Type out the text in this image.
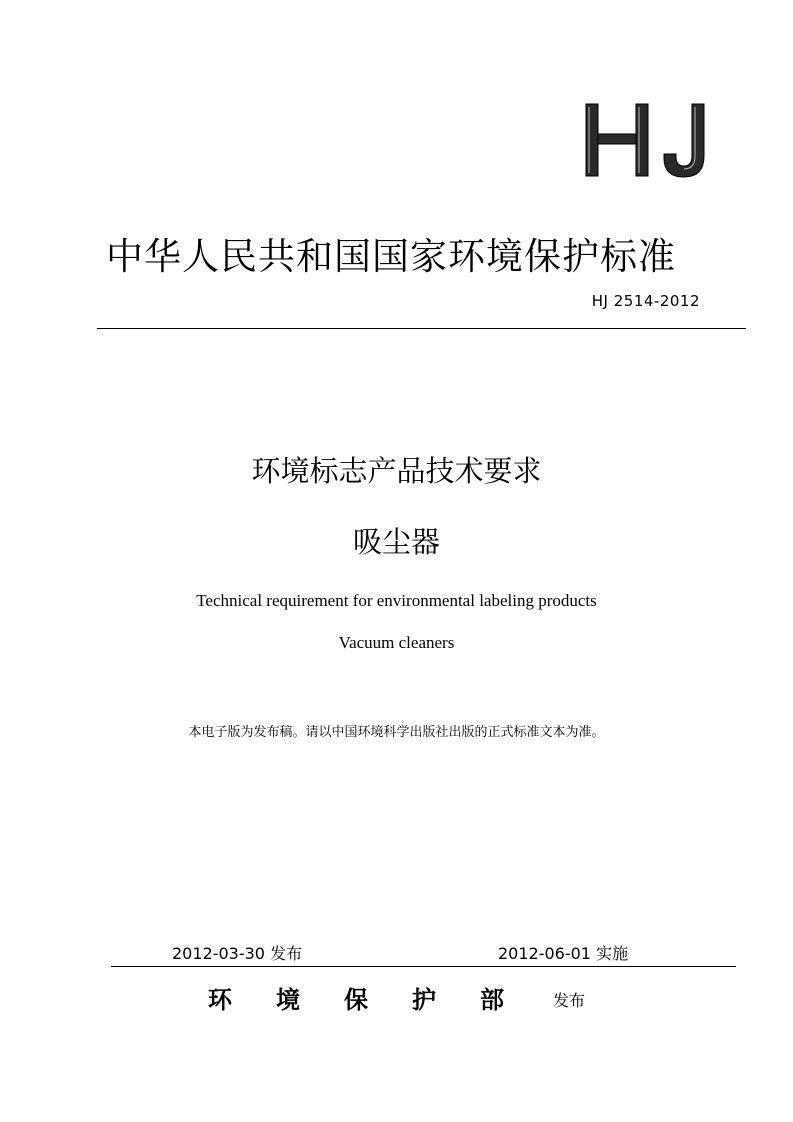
中华人民共和国国家环境保护标准
HJ 2514-2012
环境标志产品技术要求
吸尘器
Technical requirement for environmental labeling products
Vacuum cleaners
本电子版为发布稿。请以中国环境科学出版社出版的正式标准文本为准。
2012-03-30 发布	2012-06-01 实施
环境保护部 发布
